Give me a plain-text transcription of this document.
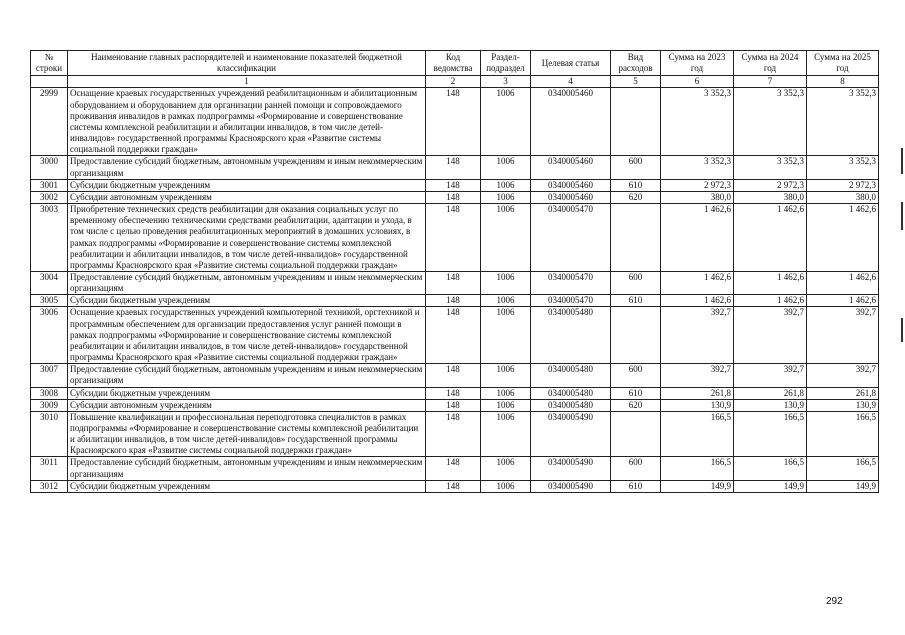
№ строки	Наименование главных распорядителей и наименование показателей бюджетной классификации	Код ведомства	Раздел-подраздел	Целевая статья	Вид расходов	Сумма на 2023 год	Сумма на 2024 год	Сумма на 2025 год
	1	2	3	4	5	6	7	8
2999	Оснащение краевых государственных учреждений реабилитационным и абилитационным оборудованием и оборудованием для организации ранней помощи и сопровождаемого проживания инвалидов в рамках подпрограммы «Формирование и совершенствование системы комплексной реабилитации и абилитации инвалидов, в том числе детей-инвалидов» государственной программы Красноярского края «Развитие системы социальной поддержки граждан»	148	1006	0340005460		3 352,3	3 352,3	3 352,3
3000	Предоставление субсидий бюджетным, автономным учреждениям и иным некоммерческим организациям	148	1006	0340005460	600	3 352,3	3 352,3	3 352,3
3001	Субсидии бюджетным учреждениям	148	1006	0340005460	610	2 972,3	2 972,3	2 972,3
3002	Субсидии автономным учреждениям	148	1006	0340005460	620	380,0	380,0	380,0
3003	Приобретение технических средств реабилитации для оказания социальных услуг по временному обеспечению техническими средствами реабилитации, адаптации и ухода, в том числе с целью проведения реабилитационных мероприятий в домашних условиях, в рамках подпрограммы «Формирование и совершенствование системы комплексной реабилитации и абилитации инвалидов, в том числе детей-инвалидов» государственной программы Красноярского края «Развитие системы социальной поддержки граждан»	148	1006	0340005470		1 462,6	1 462,6	1 462,6
3004	Предоставление субсидий бюджетным, автономным учреждениям и иным некоммерческим организациям	148	1006	0340005470	600	1 462,6	1 462,6	1 462,6
3005	Субсидии бюджетным учреждениям	148	1006	0340005470	610	1 462,6	1 462,6	1 462,6
3006	Оснащение краевых государственных учреждений компьютерной техникой, оргтехникой и программным обеспечением для организации предоставления услуг ранней помощи в рамках подпрограммы «Формирование и совершенствование системы комплексной реабилитации и абилитации инвалидов, в том числе детей-инвалидов» государственной программы Красноярского края «Развитие системы социальной поддержки граждан»	148	1006	0340005480		392,7	392,7	392,7
3007	Предоставление субсидий бюджетным, автономным учреждениям и иным некоммерческим организациям	148	1006	0340005480	600	392,7	392,7	392,7
3008	Субсидии бюджетным учреждениям	148	1006	0340005480	610	261,8	261,8	261,8
3009	Субсидии автономным учреждениям	148	1006	0340005480	620	130,9	130,9	130,9
3010	Повышение квалификации и профессиональная переподготовка специалистов в рамках подпрограммы «Формирование и совершенствование системы комплексной реабилитации и абилитации инвалидов, в том числе детей-инвалидов» государственной программы Красноярского края «Развитие системы социальной поддержки граждан»	148	1006	0340005490		166,5	166,5	166,5
3011	Предоставление субсидий бюджетным, автономным учреждениям и иным некоммерческим организациям	148	1006	0340005490	600	166,5	166,5	166,5
3012	Субсидии бюджетным учреждениям	148	1006	0340005490	610	149,9	149,9	149,9
292
